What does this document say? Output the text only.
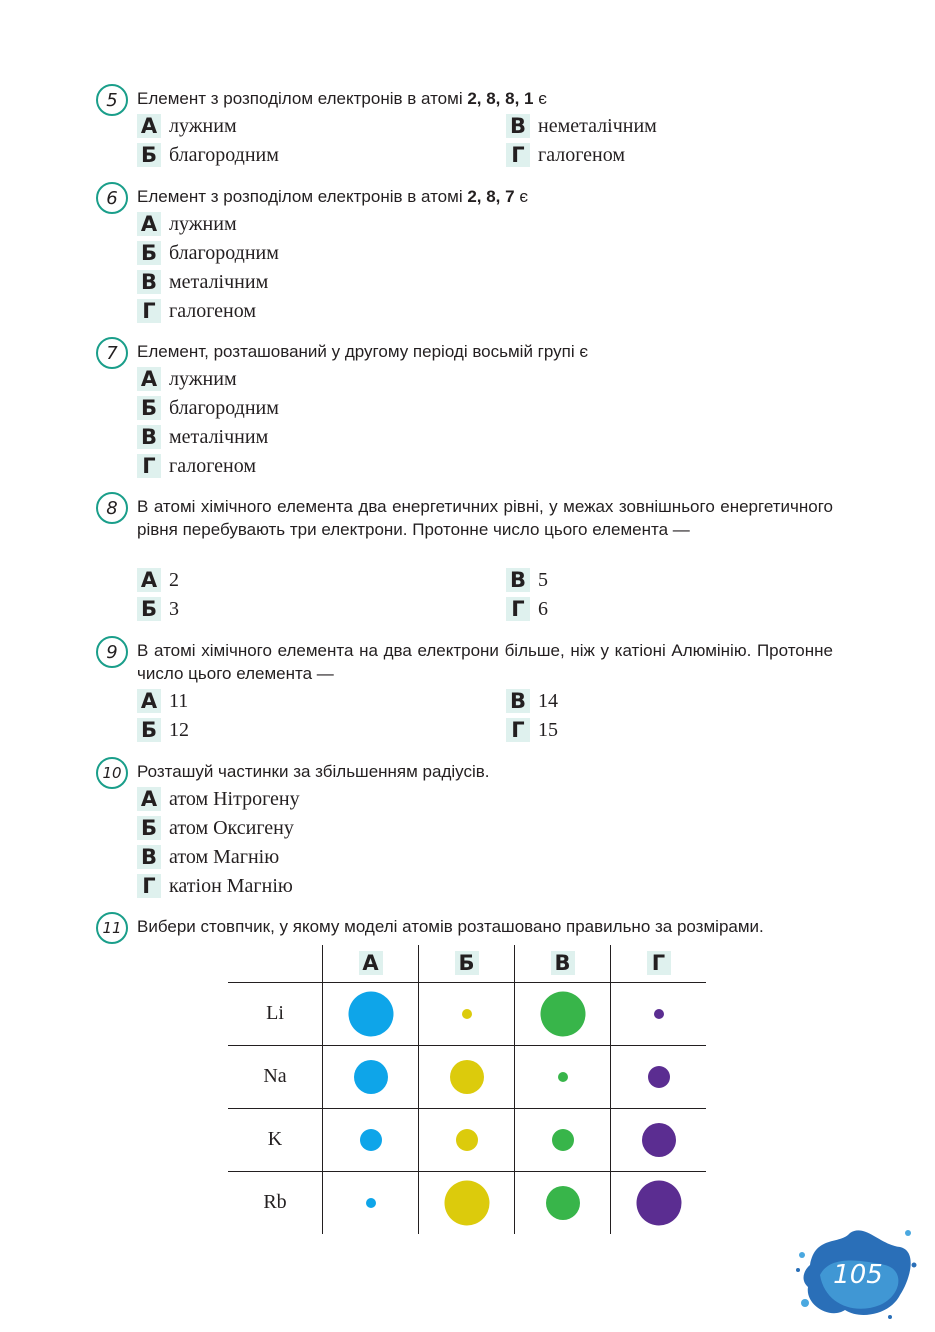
5	Елемент з розподілом електронів в атомі 2, 8, 8, 1 є
А лужним	В неметалічним
Б благородним	Г галогеном
6	Елемент з розподілом електронів в атомі 2, 8, 7 є
А лужним
Б благородним
В металічним
Г галогеном
7	Елемент, розташований у другому періоді восьмій групі є
А лужним
Б благородним
В металічним
Г галогеном
8	В атомі хімічного елемента два енергетичних рівні, у межах зовнішнього енергетичного рівня перебувають три електрони. Протонне число цього елемента —
А 2	В 5
Б 3	Г 6
9	В атомі хімічного елемента на два електрони більше, ніж у катіоні Алюмінію. Протонне число цього елемента —
А 11	В 14
Б 12	Г 15
10 Розташуй частинки за збільшенням радіусів.
А атом Нітрогену
Б атом Оксигену
В атом Магнію
Г катіон Магнію
11 Вибери стовпчик, у якому моделі атомів розташовано правильно за розмірами.
	А	Б	В	Г
Li	

Na	

K	

Rb	

105
